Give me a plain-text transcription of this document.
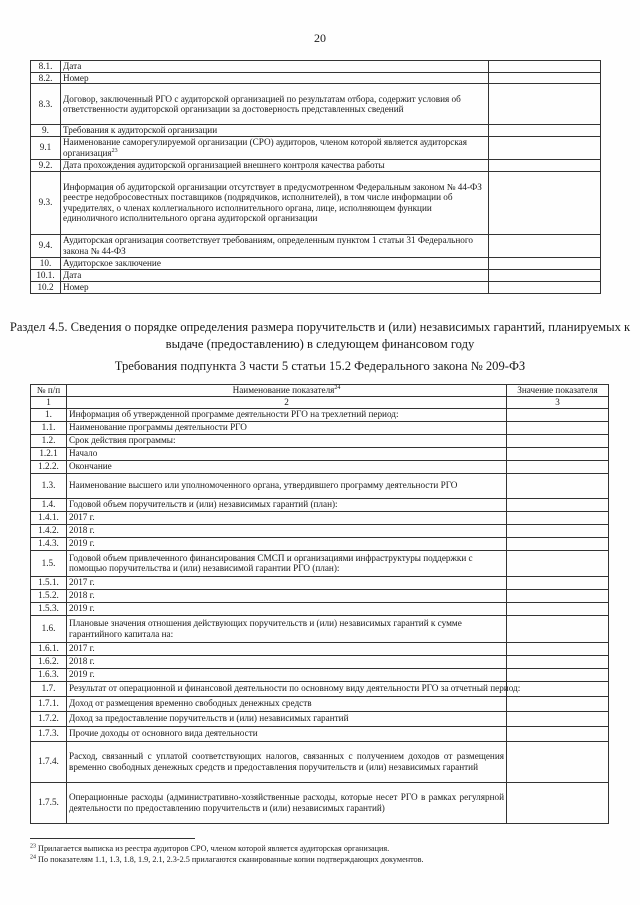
20
8.1.	Дата	
8.2.	Номер	
8.3.	Договор, заключенный РГО с аудиторской организацией по результатам отбора, содержит условия об ответственности аудиторской организации за достоверность представленных сведений	
9.	Требования к аудиторской организации	
9.1	Наименование саморегулируемой организации (СРО) аудиторов, членом которой является аудиторская организация$^{23}$	
9.2.	Дата прохождения аудиторской организацией внешнего контроля качества работы	
9.3.	Информация об аудиторской организации отсутствует в предусмотренном Федеральным законом № 44-ФЗ реестре недобросовестных поставщиков (подрядчиков, исполнителей), в том числе информации об учредителях, о членах коллегиального исполнительного органа, лице, исполняющем функции единоличного исполнительного органа аудиторской организации	
9.4.	Аудиторская организация соответствует требованиям, определенным пунктом 1 статьи 31 Федерального закона № 44-ФЗ	
10.	Аудиторское заключение	
10.1.	Дата	
10.2	Номер	
Раздел 4.5. Сведения о порядке определения размера поручительств и (или) независимых гарантий, планируемых к выдаче (предоставлению) в следующем финансовом году
Требования подпункта 3 части 5 статьи 15.2 Федерального закона № 209-ФЗ
№ п/п	Наименование показателя$^{24}$	Значение показателя
1	2	3
1.	Информация об утвержденной программе деятельности РГО на трехлетний период:	
1.1.	Наименование программы деятельности РГО	
1.2.	Срок действия программы:	
1.2.1	Начало	
1.2.2.	Окончание	
1.3.	Наименование высшего или уполномоченного органа, утвердившего программу деятельности РГО	
1.4.	Годовой объем поручительств и (или) независимых гарантий (план):	
1.4.1.	2017 г.	
1.4.2.	2018 г.	
1.4.3.	2019 г.	
1.5.	Годовой объем привлеченного финансирования СМСП и организациями инфраструктуры поддержки с помощью поручительства и (или) независимой гарантии РГО (план):	
1.5.1.	2017 г.	
1.5.2.	2018 г.	
1.5.3.	2019 г.	
1.6.	Плановые значения отношения действующих поручительств и (или) независимых гарантий к сумме гарантийного капитала на:	
1.6.1.	2017 г.	
1.6.2.	2018 г.	
1.6.3.	2019 г.	
1.7.	Результат от операционной и финансовой деятельности по основному виду деятельности РГО за отчетный период:	
1.7.1.	Доход от размещения временно свободных денежных средств	
1.7.2.	Доход за предоставление поручительств и (или) независимых гарантий	
1.7.3.	Прочие доходы от основного вида деятельности	
1.7.4.	Расход, связанный с уплатой соответствующих налогов, связанных с получением доходов от размещения временно свободных денежных средств и предоставления поручительств и (или) независимых гарантий	
1.7.5.	Операционные расходы (административно-хозяйственные расходы, которые несет РГО в рамках регулярной деятельности по предоставлению поручительств и (или) независимых гарантий)	
$^{23}$ Прилагается выписка из реестра аудиторов СРО, членом которой является аудиторская организация.
$^{24}$ По показателям 1.1, 1.3, 1.8, 1.9, 2.1, 2.3-2.5 прилагаются сканированные копии подтверждающих документов.
